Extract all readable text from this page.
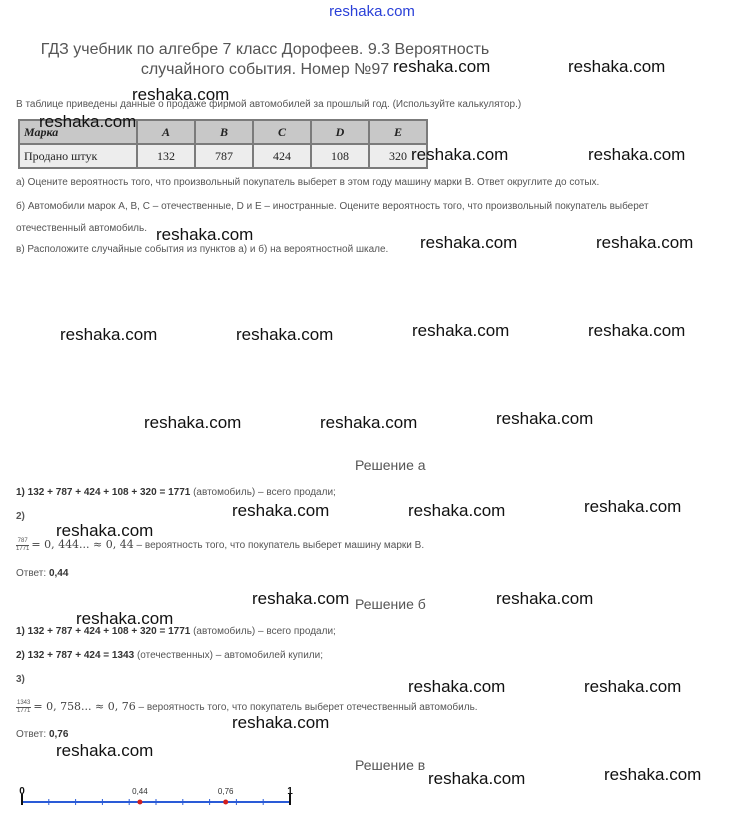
reshaka.com
ГДЗ учебник по алгебре 7 класс Дорофеев. 9.3 Вероятность
случайного события. Номер №97
В таблице приведены данные о продаже фирмой автомобилей за прошлый год. (Используйте калькулятор.)
Марка	A	B	C	D	E
Продано штук	132	787	424	108	320
а) Оцените вероятность того, что произвольный покупатель выберет в этом году машину марки B. Ответ округлите до сотых.
б) Автомобили марок A, B, C – отечественные, D и E – иностранные. Оцените вероятность того, что произвольный покупатель выберет
отечественный автомобиль.
в) Расположите случайные события из пунктов а) и б) на вероятностной шкале.
Решение а
1) 132 + 787 + 424 + 108 + 320 = 1771 (автомобиль) – всего продали;
2)
$\frac{787}{1771} = 0$, 444... ≈ 0, 44 – вероятность того, что покупатель выберет машину марки B.
Ответ: 0,44
Решение б
1) 132 + 787 + 424 + 108 + 320 = 1771 (автомобиль) – всего продали;
2) 132 + 787 + 424 = 1343 (отечественных) – автомобилей купили;
3)
$\frac{1343}{1771} = 0$, 758... ≈ 0, 76 – вероятность того, что покупатель выберет отечественный автомобиль.
Ответ: 0,76
Решение в
0	1
0,44	0,76
reshaka.com
reshaka.com
reshaka.com	reshaka.com
reshaka.com	reshaka.com
reshaka.com	reshaka.com	reshaka.com
reshaka.com	reshaka.com	reshaka.com	reshaka.com
reshaka.com	reshaka.com	reshaka.com
reshaka.com	reshaka.com	reshaka.com
reshaka.com
reshaka.com	reshaka.com
reshaka.com
reshaka.com	reshaka.com
reshaka.com
reshaka.com
reshaka.com	reshaka.com
